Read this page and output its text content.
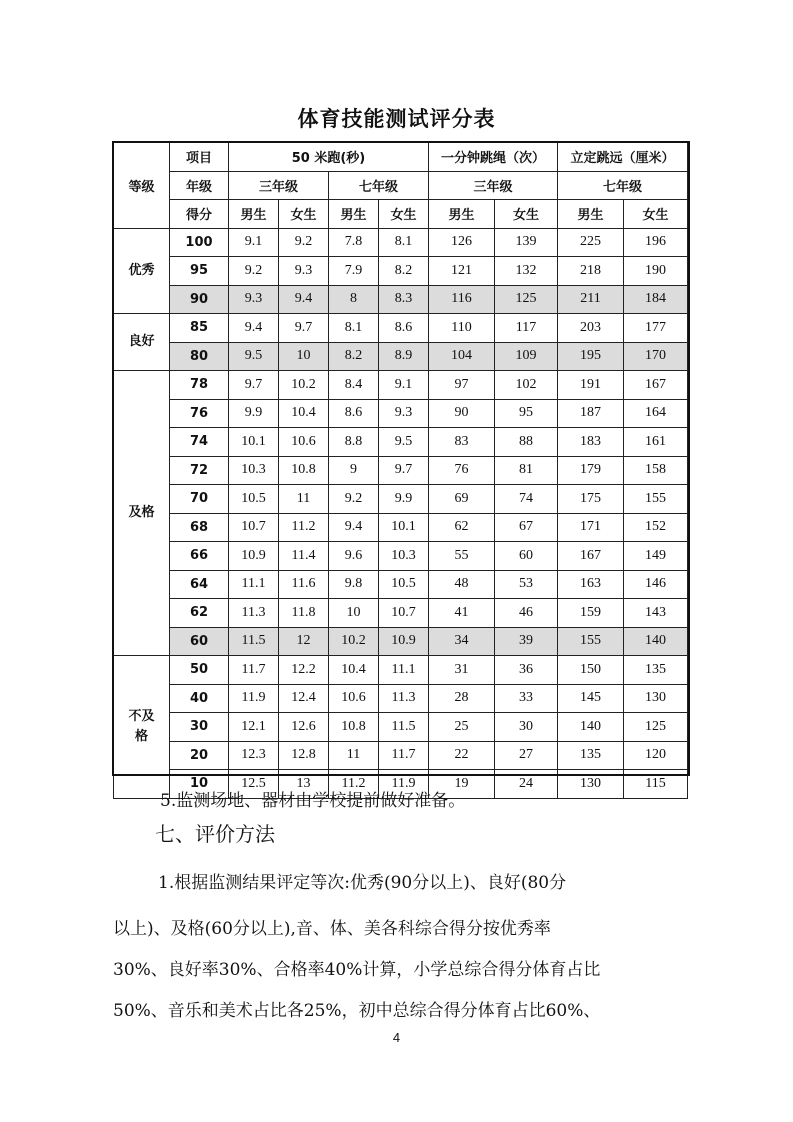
体育技能测试评分表
等级	项目	50 米跑(秒)				一分钟跳绳（次）		立定跳远（厘米）	
	年级	三年级		七年级		三年级		七年级	
	得分	男生	女生	男生	女生	男生	女生	男生	女生
优秀	100	9.1	9.2	7.8	8.1	126	139	225	196
	95	9.2	9.3	7.9	8.2	121	132	218	190
	90	9.3	9.4	8	8.3	116	125	211	184
良好	85	9.4	9.7	8.1	8.6	110	117	203	177
	80	9.5	10	8.2	8.9	104	109	195	170
及格	78	9.7	10.2	8.4	9.1	97	102	191	167
	76	9.9	10.4	8.6	9.3	90	95	187	164
	74	10.1	10.6	8.8	9.5	83	88	183	161
	72	10.3	10.8	9	9.7	76	81	179	158
	70	10.5	11	9.2	9.9	69	74	175	155
	68	10.7	11.2	9.4	10.1	62	67	171	152
	66	10.9	11.4	9.6	10.3	55	60	167	149
	64	11.1	11.6	9.8	10.5	48	53	163	146
	62	11.3	11.8	10	10.7	41	46	159	143
	60	11.5	12	10.2	10.9	34	39	155	140
不及格	50	11.7	12.2	10.4	11.1	31	36	150	135
	40	11.9	12.4	10.6	11.3	28	33	145	130
	30	12.1	12.6	10.8	11.5	25	30	140	125
	20	12.3	12.8	11	11.7	22	27	135	120
	10	12.5	13	11.2	11.9	19	24	130	115
5.监测场地、器材由学校提前做好准备。
七、评价方法
1.根据监测结果评定等次:优秀(90分以上)、良好(80分
以上)、及格(60分以上),音、体、美各科综合得分按优秀率
30%、良好率30%、合格率40%计算，小学总综合得分体育占比
50%、音乐和美术占比各25%，初中总综合得分体育占比60%、
4
